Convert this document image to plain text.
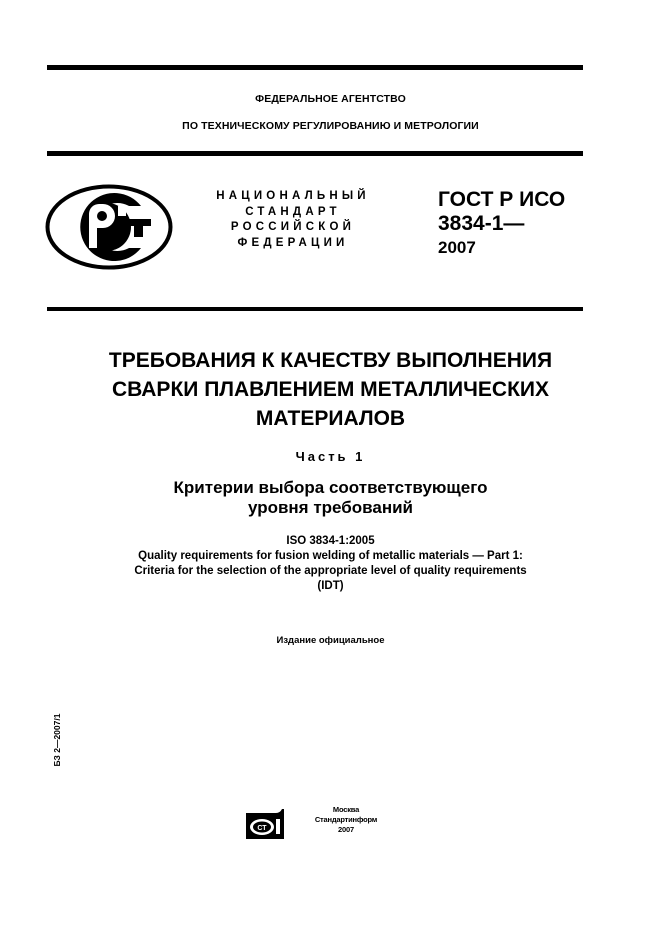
ФЕДЕРАЛЬНОЕ АГЕНТСТВО
ПО ТЕХНИЧЕСКОМУ РЕГУЛИРОВАНИЮ И МЕТРОЛОГИИ
НАЦИОНАЛЬНЫЙ
СТАНДАРТ
РОССИЙСКОЙ
ФЕДЕРАЦИИ
ГОСТ Р ИСО
3834-1—
2007
ТРЕБОВАНИЯ К КАЧЕСТВУ ВЫПОЛНЕНИЯ
СВАРКИ ПЛАВЛЕНИЕМ МЕТАЛЛИЧЕСКИХ
МАТЕРИАЛОВ
Часть 1
Критерии выбора соответствующего
уровня требований
ISO 3834-1:2005
Quality requirements for fusion welding of metallic materials — Part 1:
Criteria for the selection of the appropriate level of quality requirements
(IDT)
Издание официальное
БЗ 2—2007/1
СТ
Москва
Стандартинформ
2007
